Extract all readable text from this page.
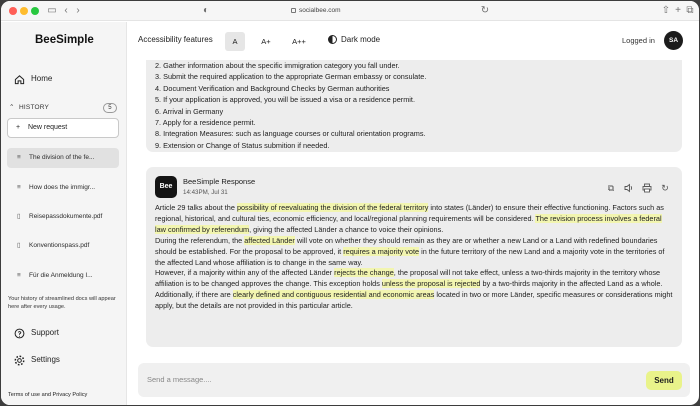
▭ ‹ ›	◐	socialbee.com	↻	⇧ + ⧉
BeeSimple
Home
⌃ HISTORY	5
+ New request
≡ The division of the fe...
≡ How does the immigr...
▯ Reisepassdokumente.pdf
▯ Konventionspass.pdf
≡ Für die Anmeldung I...
Your history of streamlined docs will appear here after every usage.
Support
Settings
Terms of use and Privacy Policy
Accessibility features	A	A+	A++	Dark mode	Logged in	SA
2. Gather information about the specific immigration category you fall under.
3. Submit the required application to the appropriate German embassy or consulate.
4. Document Verification and Background Checks by German authorities
5. If your application is approved, you will be issued a visa or a residence permit.
6. Arrival in Germany
7. Apply for a residence permit.
8. Integration Measures: such as language courses or cultural orientation programs.
9. Extension or Change of Status submition if needed.
Bee
BeeSimple Response
14:43PM, Jul 31	⧉	↻

Article 29 talks about the possibility of reevaluating the division of the federal territory into states (Länder) to ensure their effective functioning. Factors such as regional, historical, and cultural ties, economic efficiency, and local/regional planning requirements will be considered. The revision process involves a federal law confirmed by referendum, giving the affected Länder a chance to voice their opinions.

During the referendum, the affected Länder will vote on whether they should remain as they are or whether a new Land or a Land with redefined boundaries should be established. For the proposal to be approved, it requires a majority vote in the future territory of the new Land and a majority vote in the territories of the affected Land whose affiliation is to change in the same way.

However, if a majority within any of the affected Länder rejects the change, the proposal will not take effect, unless a two-thirds majority in the territory whose affiliation is to be changed approves the change. This exception holds unless the proposal is rejected by a two-thirds majority in the affected Land as a whole.

Additionally, if there are clearly defined and contiguous residential and economic areas located in two or more Länder, specific measures or considerations might apply, but the details are not provided in this particular article.

Send a message....	Send
